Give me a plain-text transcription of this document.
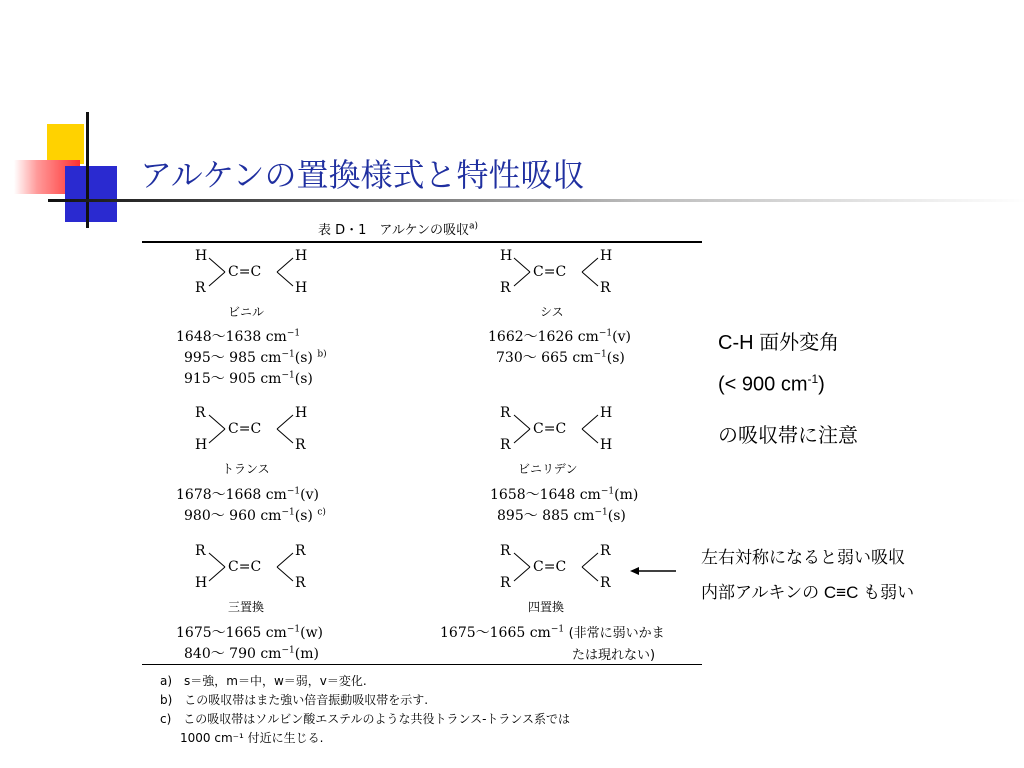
アルケンの置換様式と特性吸収
表 D・1　アルケンの吸収$^{a)}$
H
R
C=C
H
H
ビニル
1648～1638 $cm^{-1}$
995～ 985 $cm^{-1}(s)$ $^{b)}$
915～ 905 $cm^{-1}(s)$
H
R
C=C
H
R
シス
1662～1626 $cm^{-1}(v)$
730～ 665 $cm^{-1}(s)$
R
H
C=C
H
R
トランス
1678～1668 $cm^{-1}(v)$
980～ 960 $cm^{-1}(s)$ $^{c)}$
R
R
C=C
H
H
ビニリデン
1658～1648 $cm^{-1}(m)$
895～ 885 $cm^{-1}(s)$
R
H
C=C
R
R
三置換
1675～1665 $cm^{-1}(w)$
840～ 790 $cm^{-1}(m)$
R
R
C=C
R
R
四置換
1675～1665 $cm^{-1}$ (非常に弱いかま
たは現れない)
a)　s＝強，m＝中，w＝弱，v＝変化.
b)　この吸収帯はまた強い倍音振動吸収帯を示す.
c)　この吸収帯はソルビン酸エステルのような共役トランス-トランス系では
1000 cm⁻¹ 付近に生じる.
C-H 面外変角
(< 900 $cm^{-1}$)
の吸収帯に注意
左右対称になると弱い吸収
内部アルキンの C≡C も弱い
